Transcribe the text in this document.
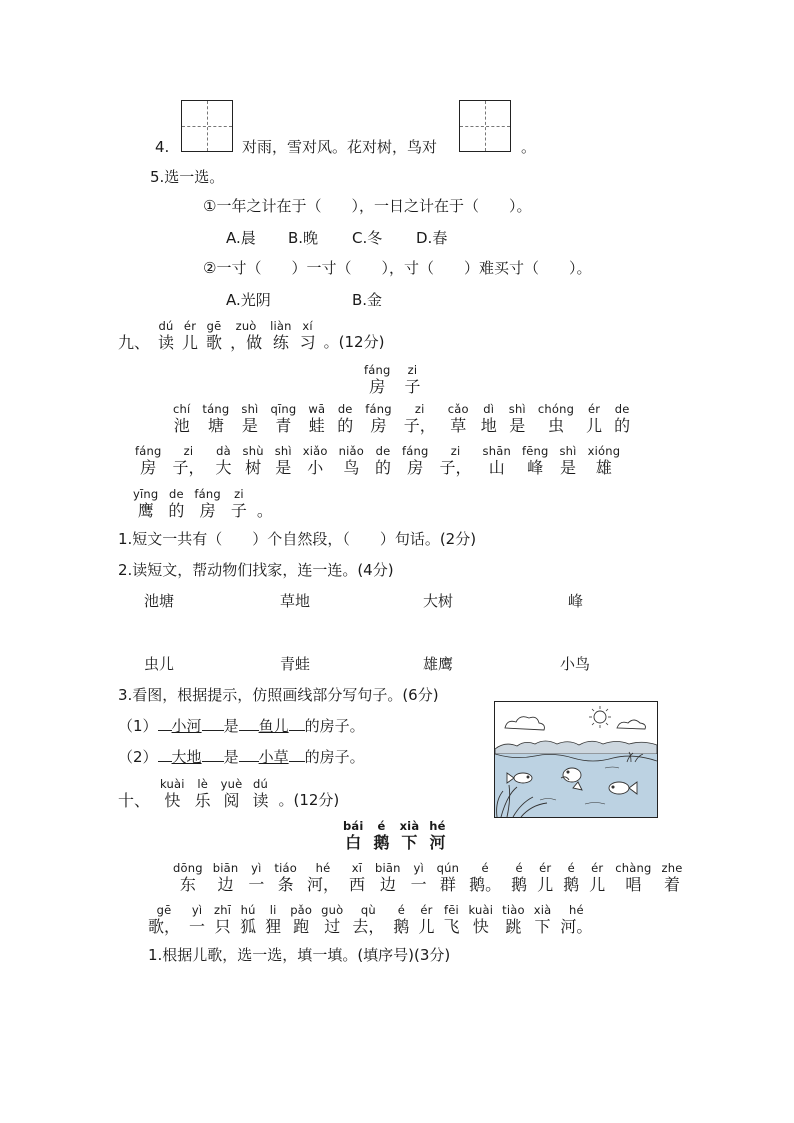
4.	对雨，雪对风。花对树，鸟对	。
5.选一选。
①一年之计在于（　　），一日之计在于（　　）。
A.晨 B.晚 C.冬 D.春
②一寸（　　）一寸（　　），寸（　　）难买寸（　　）。
A.光阴	B.金
九、
dú
读
ér
儿
gē
歌
zuò
，做
liàn
练
xí
习 。(12分)
fáng
房
zi
子
chí
池
táng
塘
shì
是
qīng
青
wā
蛙
de
的
fáng
房
zi
子，
cǎo
草
dì
地
shì
是
chóng
虫
ér
儿
de
的
fáng
房
zi
子，
dà
大
shù
树
shì
是
xiǎo
小
niǎo
鸟
de
的
fáng
房
zi
子，
shān
山
fēng
峰
shì
是
xióng
雄
yīng
鹰
de
的
fáng
房
zi
子 。
1.短文一共有（　　）个自然段，（　　）句话。(2分)
2.读短文，帮动物们找家，连一连。(4分)
池塘	草地	大树	峰
虫儿	青蛙	雄鹰	小鸟
3.看图，根据提示，仿照画线部分写句子。(6分)
（1） 小河 是 鱼儿 的房子。
（2） 大地 是 小草 的房子。
十、
kuài
快
lè
乐
yuè
阅
dú
读 。(12分)
bái
白
é
鹅
xià
下
hé
河
dōng
东
biān
边
yì
一
tiáo
条
hé
河，
xī
西
biān
边
yì
一
qún
群
é
鹅。
é
鹅
ér
儿
é
鹅
ér
儿
chàng
唱
zhe
着
gē
歌，
yì
一
zhī
只
hú
狐
li
狸
pǎo
跑
guò
过
qù
去，
é
鹅
ér
儿
fēi
飞
kuài
快
tiào
跳
xià
下
hé
河。
1.根据儿歌，选一选，填一填。(填序号)(3分)
